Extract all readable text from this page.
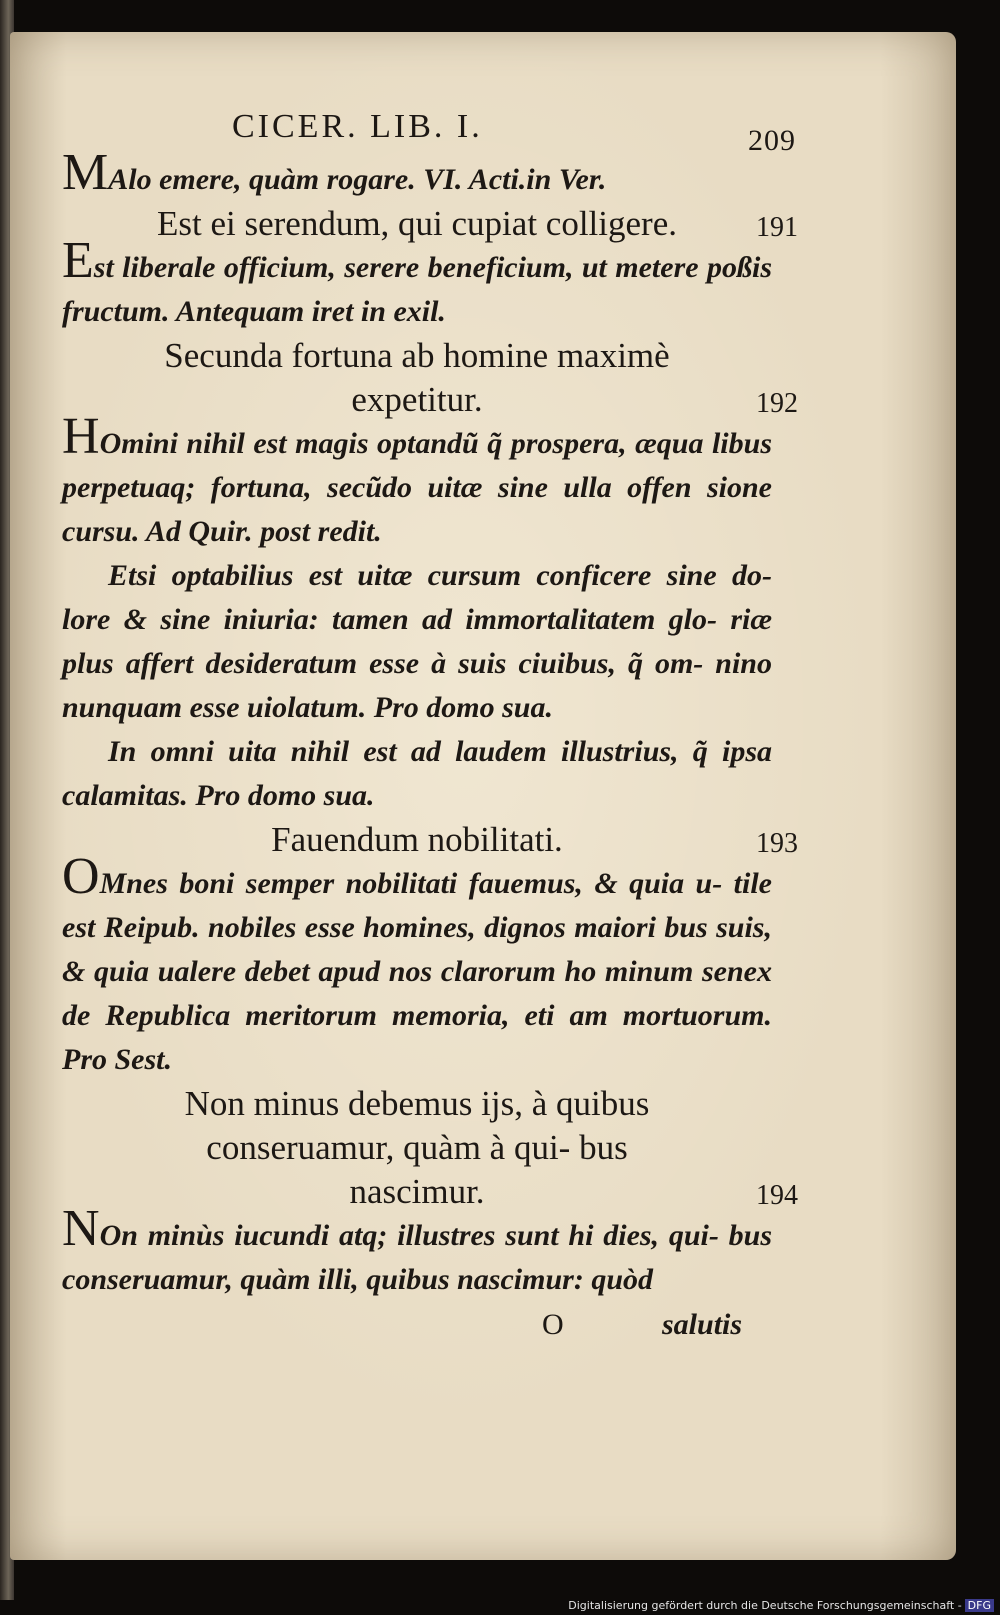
CICER. LIB. I.	209

MAlo emere, quàm rogare. VI. Acti.in Ver.

Est ei serendum, qui cupiat colligere.	191

Est liberale officium, serere beneficium, ut metere poßis fructum. Antequam iret in exil.

Secunda fortuna ab homine maximè expetitur.	192

HOmini nihil est magis optandũ q̃ prospera, æqua libus perpetuaq; fortuna, secũdo uitæ sine ulla offen sione cursu. Ad Quir. post redit.

Etsi optabilius est uitæ cursum conficere sine do- lore & sine iniuria: tamen ad immortalitatem glo- riæ plus affert desideratum esse à suis ciuibus, q̃ om- nino nunquam esse uiolatum. Pro domo sua.

In omni uita nihil est ad laudem illustrius, q̃ ipsa calamitas. Pro domo sua.

Fauendum nobilitati.	193

OMnes boni semper nobilitati fauemus, & quia u- tile est Reipub. nobiles esse homines, dignos maiori bus suis, & quia ualere debet apud nos clarorum ho minum senex de Republica meritorum memoria, eti am mortuorum. Pro Sest.

Non minus debemus ijs, à quibus conseruamur, quàm à qui- bus nascimur.	194

NOn minùs iucundi atq; illustres sunt hi dies, qui- bus conseruamur, quàm illi, quibus nascimur: quòd

O	salutis
Digitalisierung gefördert durch die Deutsche Forschungsgemeinschaft - DFG
